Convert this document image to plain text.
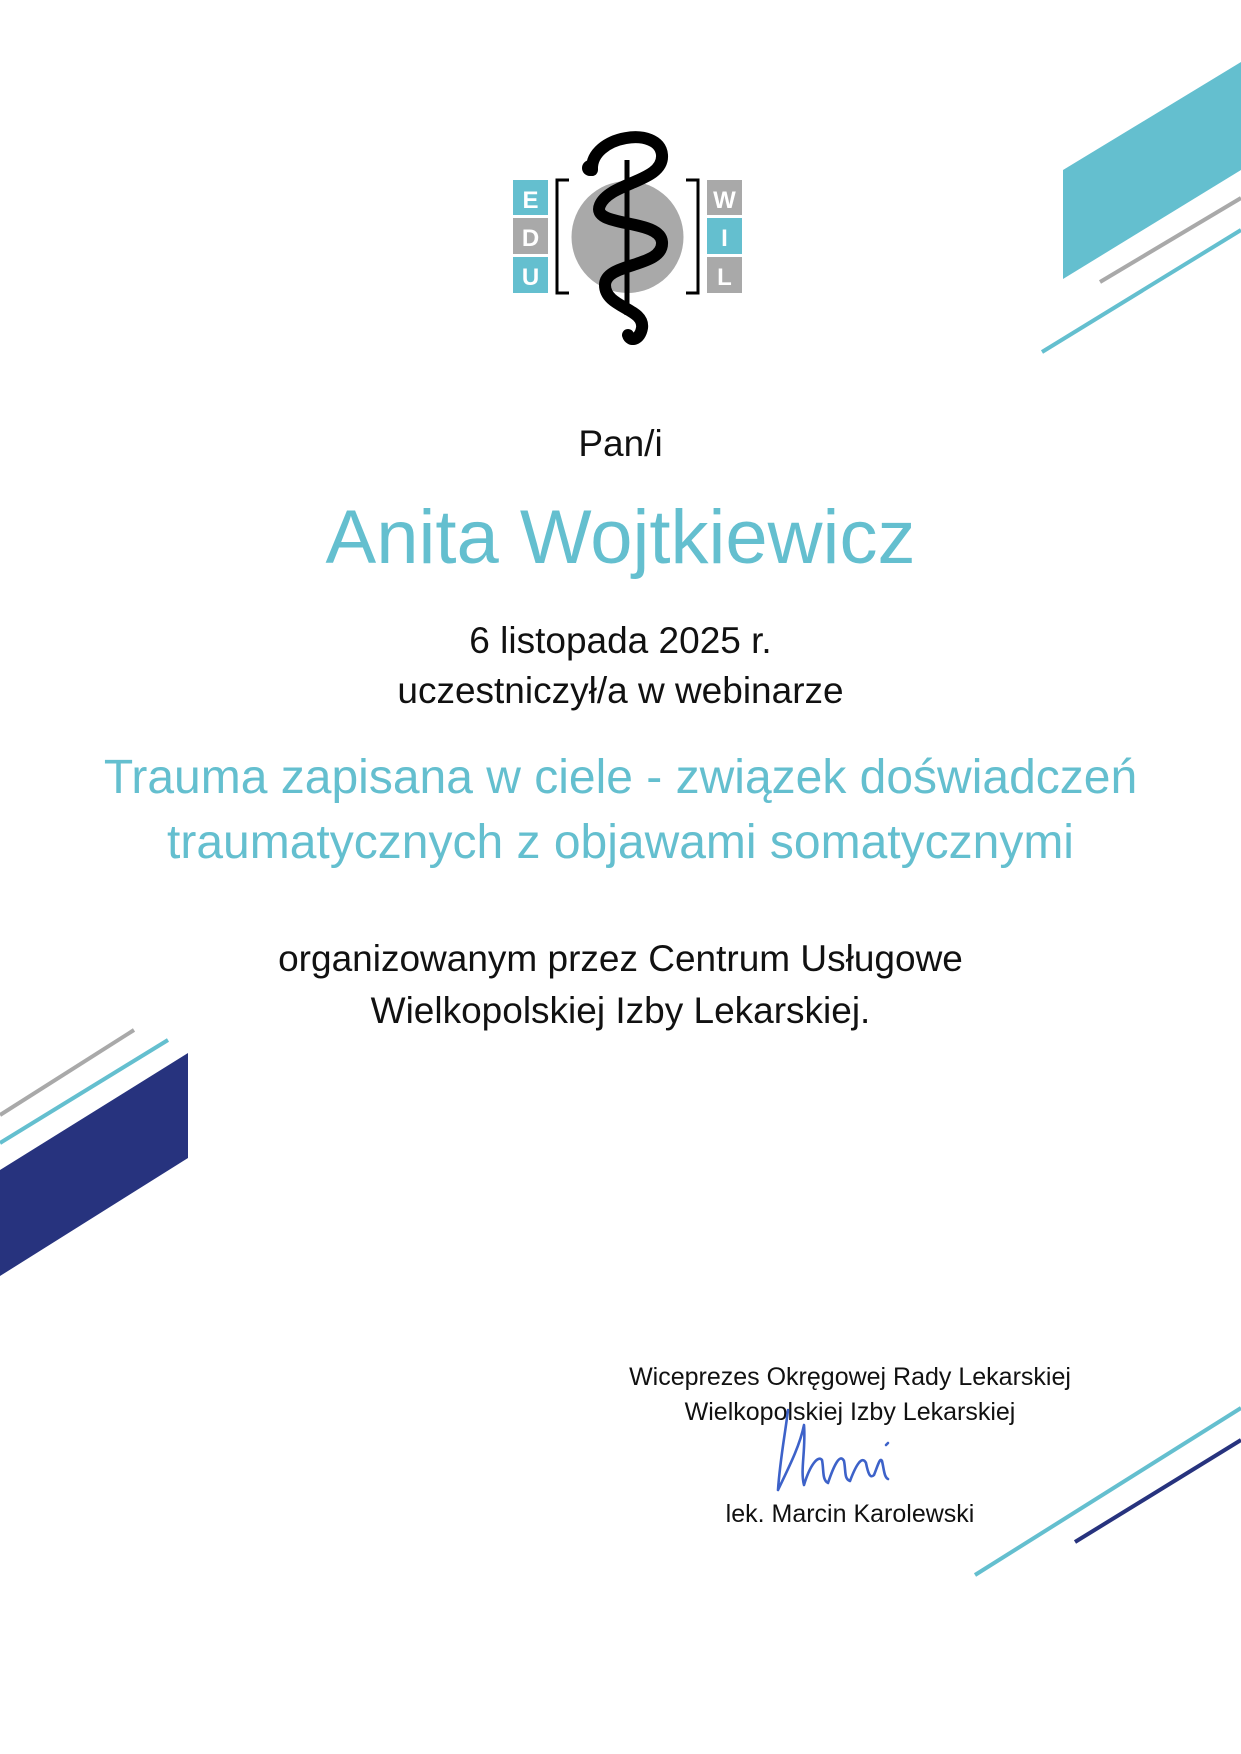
E
D
U
W
I
L
Pan/i
Anita Wojtkiewicz
6 listopada 2025 r.
uczestniczył/a w webinarze
Trauma zapisana w ciele - związek doświadczeń
traumatycznych z objawami somatycznymi
organizowanym przez Centrum Usługowe
Wielkopolskiej Izby Lekarskiej.
Wiceprezes Okręgowej Rady Lekarskiej
Wielkopolskiej Izby Lekarskiej
lek. Marcin Karolewski
